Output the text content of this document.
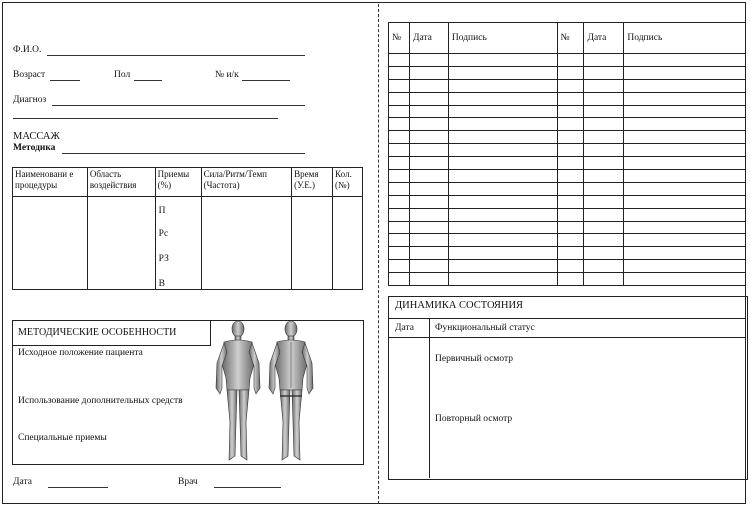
Ф.И.О.
Возраст	Пол	№ и/к
Диагноз
МАССАЖ
Методика
Наименовани е процедуры	Область воздействия	Приемы (%)	Сила/Ритм/Темп (Частота)	Время (У.Е.)	Кол. (№)

		П
Рс
РЗ
В			

МЕТОДИЧЕСКИЕ ОСОБЕННОСТИ
Исходное положение пациента
Использование дополнительных средств
Специальные приемы
Дата	Врач
№	Дата	Подпись	№	Дата	Подпись

ДИНАМИКА СОСТОЯНИЯ
Дата Функциональный статус
Первичный осмотр
Повторный осмотр
